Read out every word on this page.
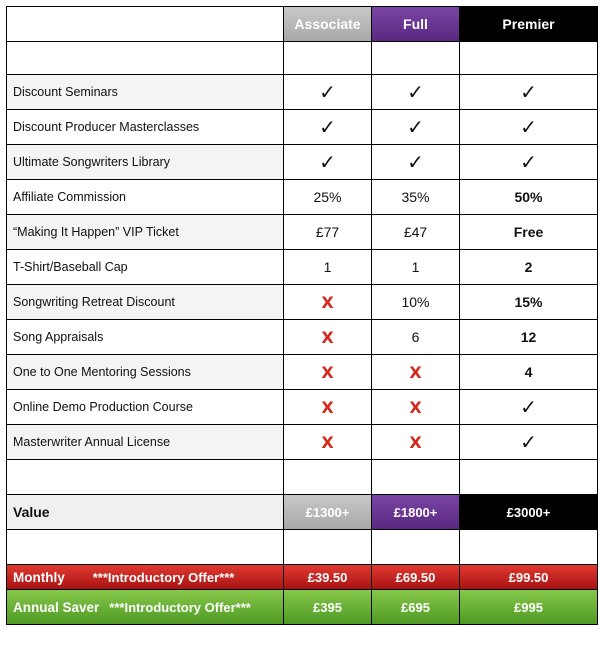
Associate	Full	Premier
Discount Seminars	✓	✓	✓
Discount Producer Masterclasses	✓	✓	✓
Ultimate Songwriters Library	✓	✓	✓
Affiliate Commission	25%	35%	50%
“Making It Happen” VIP Ticket	£77	£47	Free
T-Shirt/Baseball Cap	1	1	2
Songwriting Retreat Discount	X	10%	15%
Song Appraisals	X	6	12
One to One Mentoring Sessions	X	X	4
Online Demo Production Course	X	X	✓
Masterwriter Annual License	X	X	✓
Value	£1300+	£1800+	£3000+
Monthly ***Introductory Offer***	£39.50	£69.50	£99.50
Annual Saver ***Introductory Offer***	£395	£695	£995
